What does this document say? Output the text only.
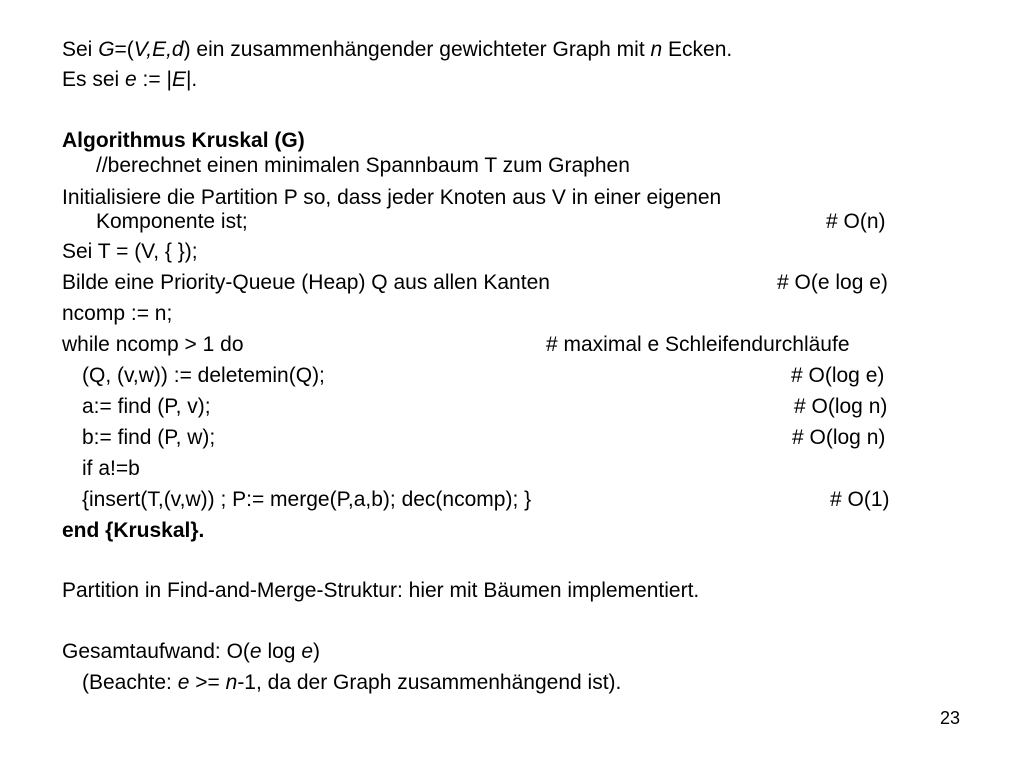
Sei G=(V,E,d) ein zusammenhängender gewichteter Graph mit n Ecken.
Es sei e := |E|.
Algorithmus Kruskal (G)
//berechnet einen minimalen Spannbaum T zum Graphen
Initialisiere die Partition P so, dass jeder Knoten aus V in einer eigenen
Komponente ist;	# O(n)
Sei T = (V, { });
Bilde eine Priority-Queue (Heap) Q aus allen Kanten	# O(e log e)
ncomp := n;
while ncomp > 1 do	# maximal e Schleifendurchläufe
(Q, (v,w)) := deletemin(Q);	# O(log e)
a:= find (P, v);	# O(log n)
b:= find (P, w);	# O(log n)
if a!=b
{insert(T,(v,w)) ; P:= merge(P,a,b); dec(ncomp); }	# O(1)
end {Kruskal}.
Partition in Find-and-Merge-Struktur: hier mit Bäumen implementiert.
Gesamtaufwand: O(e log e)
(Beachte: e >= n-1, da der Graph zusammenhängend ist).
23
